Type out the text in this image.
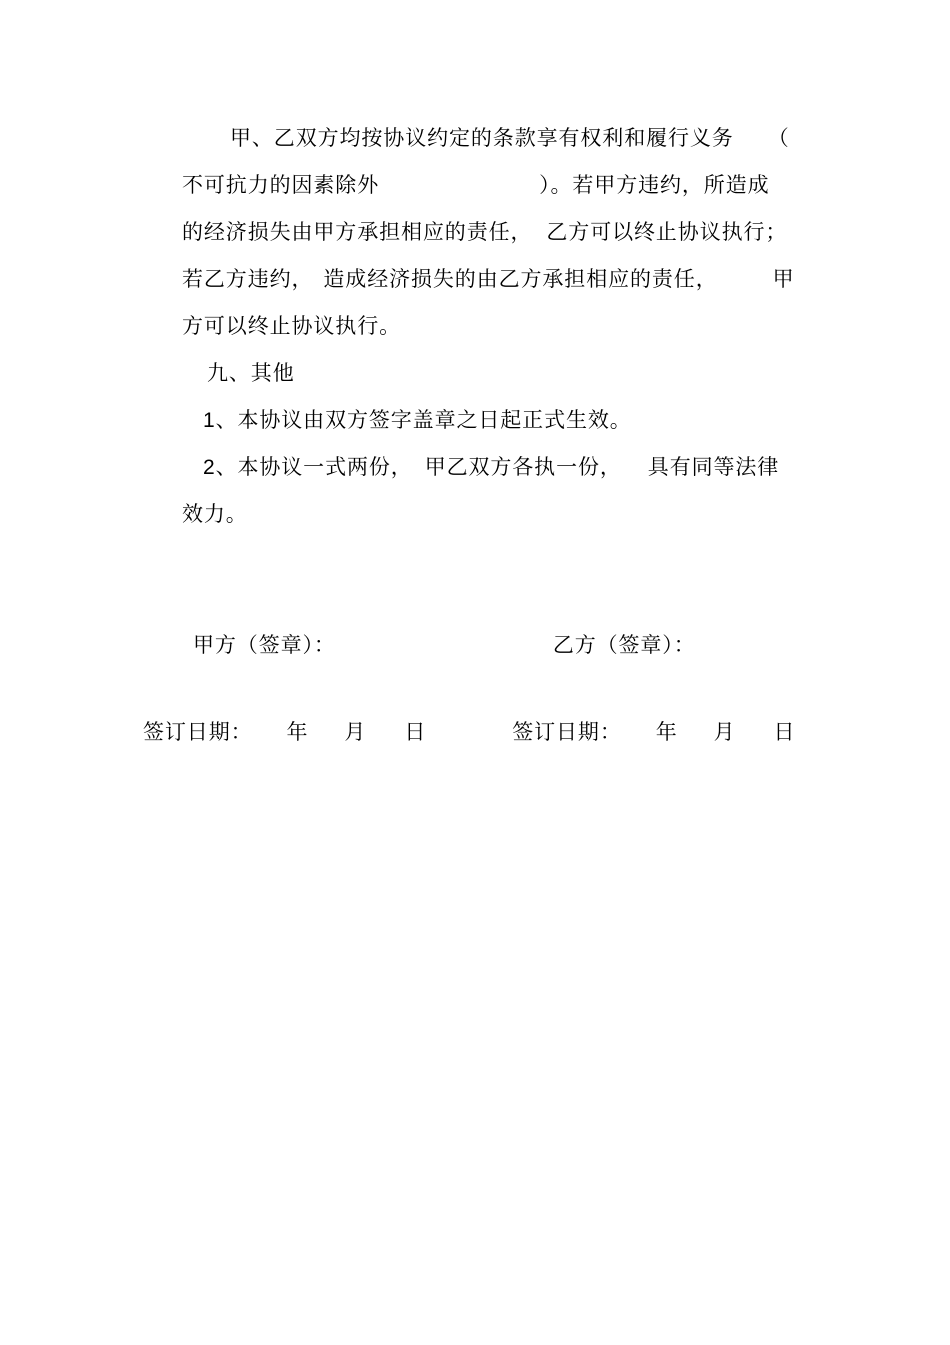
甲、乙双方均按协议约定的条款享有权利和履行义务 （
不可抗力的因素除外	）。若甲方违约，所造成
的经济损失由甲方承担相应的责任， 乙方可以终止协议执行；
若乙方违约， 造成经济损失的由乙方承担相应的责任，	甲
方可以终止协议执行。
九、其他
1、本协议由双方签字盖章之日起正式生效。
2、本协议一式两份， 甲乙双方各执一份， 具有同等法律
效力。
甲方（签章）：	乙方（签章）：
签订日期： 年 月 日	签订日期： 年 月 日
